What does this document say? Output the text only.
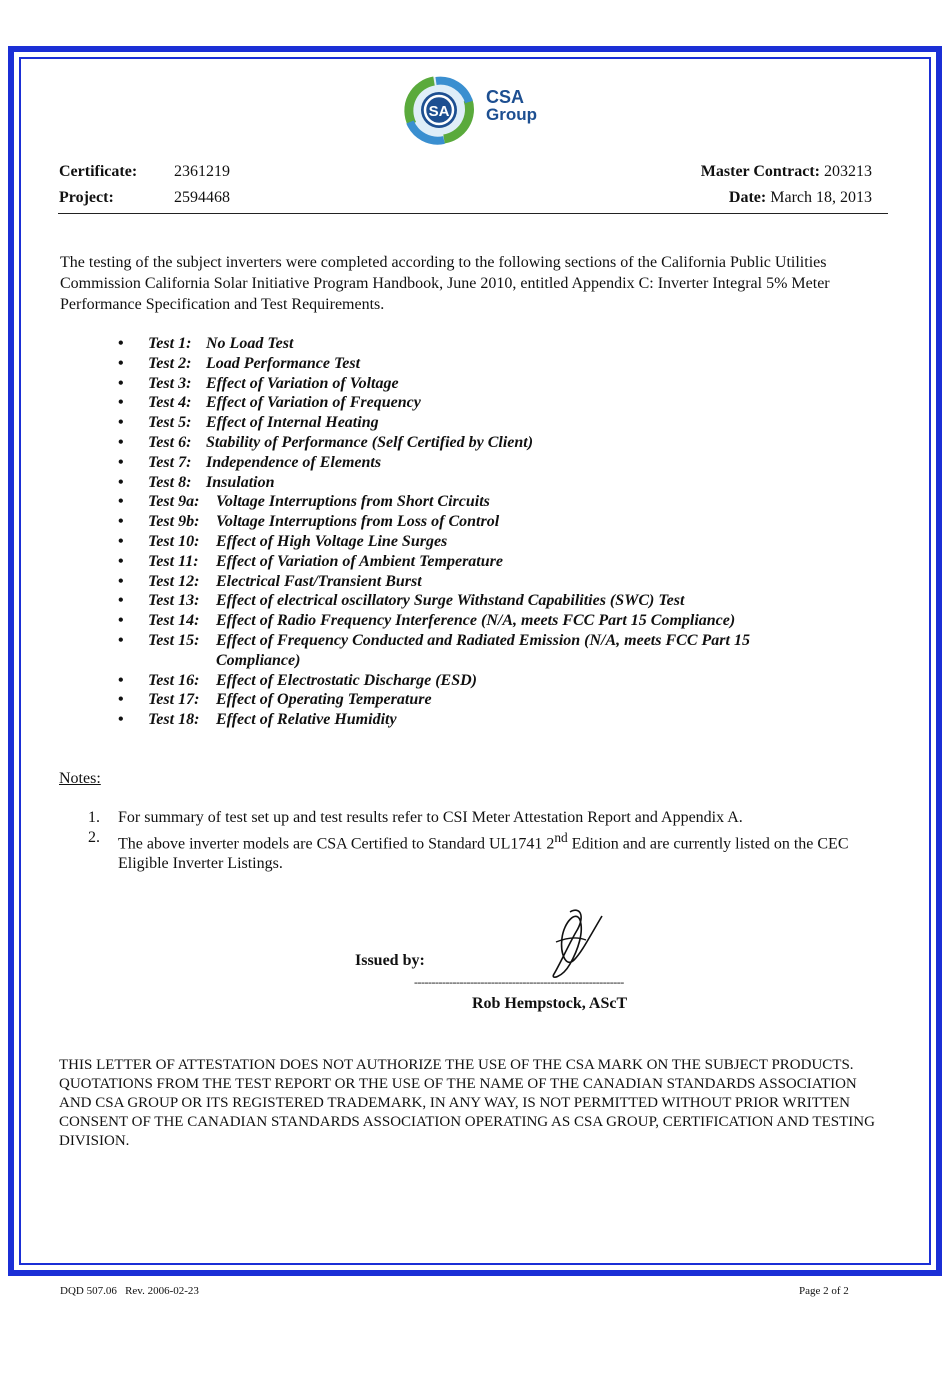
SA
CSA
Group
Certificate: 2361219
Project:	2594468
Master Contract: 203213
Date: March 18, 2013

The testing of the subject inverters were completed according to the following sections of the California Public Utilities Commission California Solar Initiative Program Handbook, June 2010, entitled Appendix C: Inverter Integral 5% Meter Performance Specification and Test Requirements.

• Test 1: No Load Test
• Test 2: Load Performance Test
• Test 3: Effect of Variation of Voltage
• Test 4: Effect of Variation of Frequency
• Test 5: Effect of Internal Heating
• Test 6: Stability of Performance (Self Certified by Client)
• Test 7: Independence of Elements
• Test 8: Insulation
• Test 9a: Voltage Interruptions from Short Circuits
• Test 9b: Voltage Interruptions from Loss of Control
• Test 10: Effect of High Voltage Line Surges
• Test 11: Effect of Variation of Ambient Temperature
• Test 12: Electrical Fast/Transient Burst
• Test 13: Effect of electrical oscillatory Surge Withstand Capabilities (SWC) Test
• Test 14: Effect of Radio Frequency Interference (N/A, meets FCC Part 15 Compliance)
• Test 15: Effect of Frequency Conducted and Radiated Emission (N/A, meets FCC Part 15 Compliance)
• Test 16: Effect of Electrostatic Discharge (ESD)
• Test 17: Effect of Operating Temperature
• Test 18: Effect of Relative Humidity
Notes:
1. For summary of test set up and test results refer to CSI Meter Attestation Report and Appendix A.
2. The above inverter models are CSA Certified to Standard UL1741 2nd Edition and are currently listed on the CEC Eligible Inverter Listings.
Issued by:
------------------------------------------------------------
Rob Hempstock, AScT
THIS LETTER OF ATTESTATION DOES NOT AUTHORIZE THE USE OF THE CSA MARK ON THE SUBJECT PRODUCTS.
QUOTATIONS FROM THE TEST REPORT OR THE USE OF THE NAME OF THE CANADIAN STANDARDS ASSOCIATION AND CSA GROUP OR ITS REGISTERED TRADEMARK, IN ANY WAY, IS NOT PERMITTED WITHOUT PRIOR WRITTEN CONSENT OF THE CANADIAN STANDARDS ASSOCIATION OPERATING AS CSA GROUP, CERTIFICATION AND TESTING DIVISION.
DQD 507.06   Rev. 2006-02-23	Page 2 of 2
